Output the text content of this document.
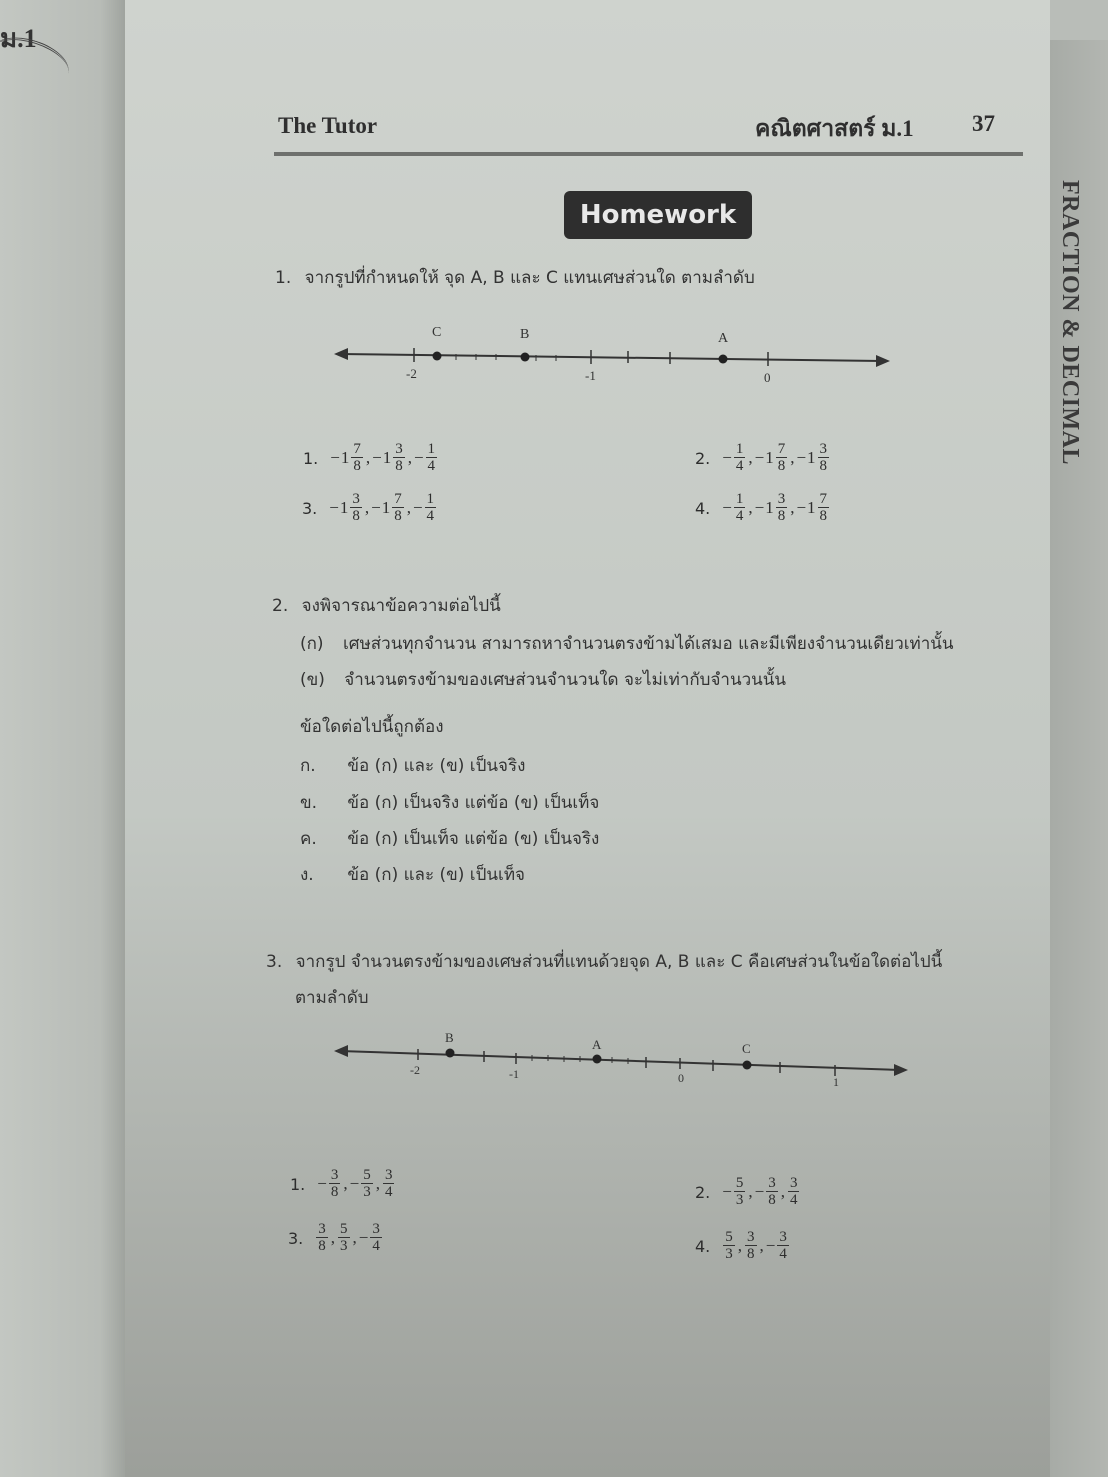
ม.1
FRACTION & DECIMAL
The Tutor	คณิตศาสตร์ ม.1	37
Homework
1. จากรูปที่กำหนดให้ จุด A, B และ C แทนเศษส่วนใด ตามลำดับ
C	B	A
-2	-1	0
1. − $1 \frac{7}{8}$ , − $1 \frac{3}{8}$ , − $\frac{1}{4}$	2. − $\frac{1}{4}$ , − $1 \frac{7}{8}$ , − $1 \frac{3}{8}$
3. − $1 \frac{3}{8}$ , − $1 \frac{7}{8}$ , − $\frac{1}{4}$	4. − $\frac{1}{4}$ , − $1 \frac{3}{8}$ , − $1 \frac{7}{8}$
2. จงพิจารณาข้อความต่อไปนี้
(ก) เศษส่วนทุกจำนวน สามารถหาจำนวนตรงข้ามได้เสมอ และมีเพียงจำนวนเดียวเท่านั้น
(ข) จำนวนตรงข้ามของเศษส่วนจำนวนใด จะไม่เท่ากับจำนวนนั้น
ข้อใดต่อไปนี้ถูกต้อง
ก. ข้อ (ก) และ (ข) เป็นจริง
ข. ข้อ (ก) เป็นจริง แต่ข้อ (ข) เป็นเท็จ
ค. ข้อ (ก) เป็นเท็จ แต่ข้อ (ข) เป็นจริง
ง. ข้อ (ก) และ (ข) เป็นเท็จ
3. จากรูป จำนวนตรงข้ามของเศษส่วนที่แทนด้วยจุด A, B และ C คือเศษส่วนในข้อใดต่อไปนี้
ตามลำดับ
B	A	C
-2	-1	0	1
1. − $\frac{3}{8}$ , − $\frac{5}{3}$ , $\frac{3}{4}$	2. − $\frac{5}{3}$ , − $\frac{3}{8}$ , $\frac{3}{4}$
3. $\frac{3}{8}$ , $\frac{5}{3}$ , − $\frac{3}{4}$	4. $\frac{5}{3}$ , $\frac{3}{8}$ , − $\frac{3}{4}$
